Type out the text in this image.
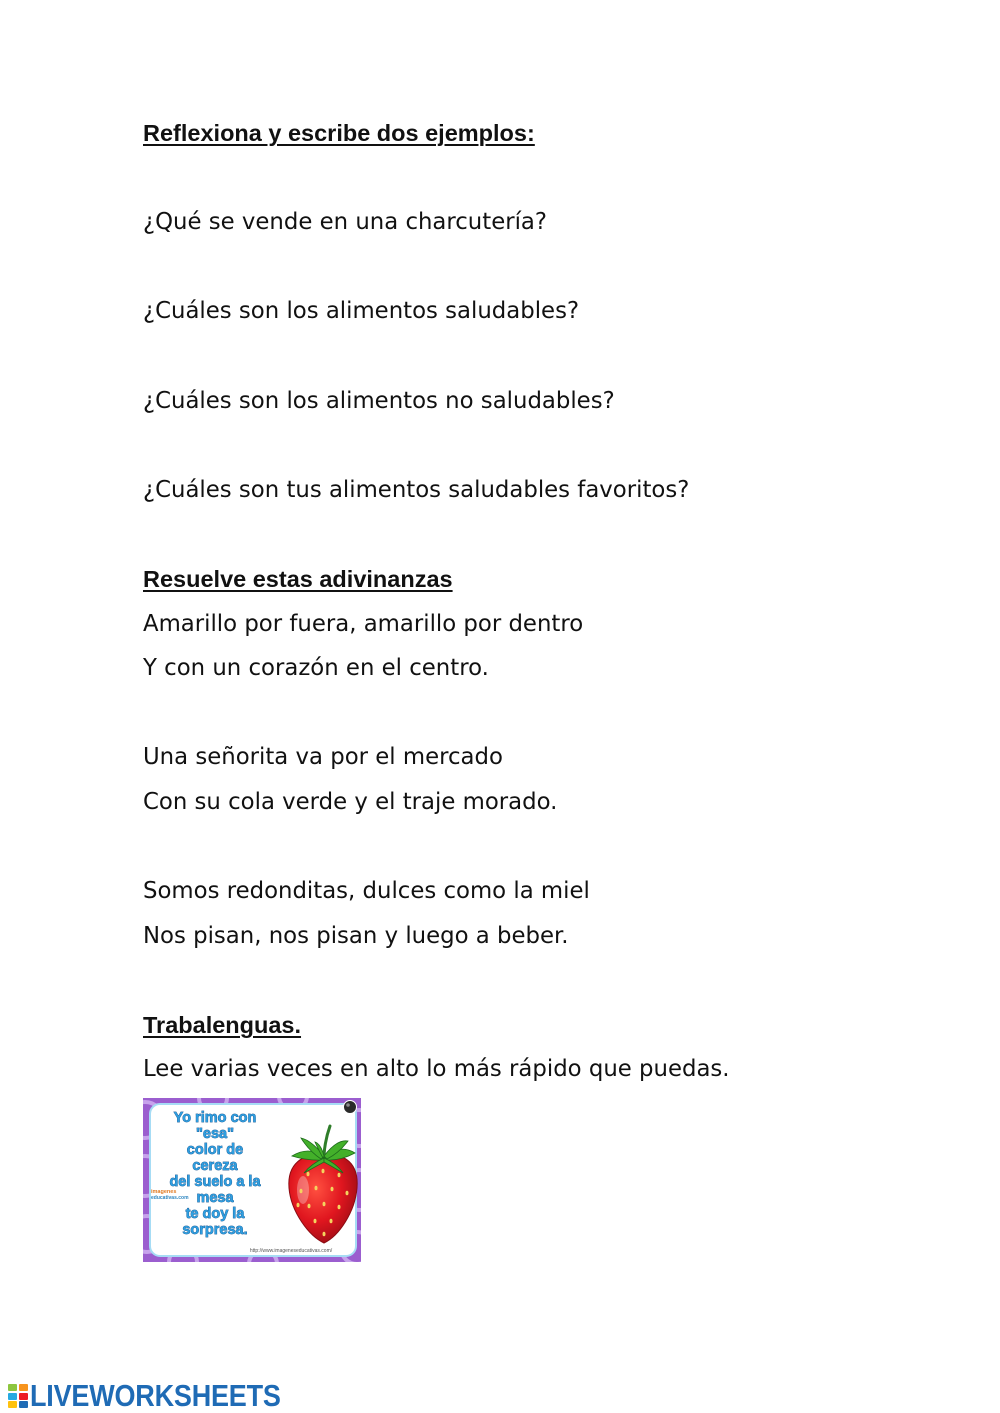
Reflexiona y escribe dos ejemplos:
¿Qué se vende en una charcutería?
¿Cuáles son los alimentos saludables?
¿Cuáles son los alimentos no saludables?
¿Cuáles son tus alimentos saludables favoritos?
Resuelve estas adivinanzas
Amarillo por fuera, amarillo por dentro
Y con un corazón en el centro.
Una señorita va por el mercado
Con su cola verde y el traje morado.
Somos redonditas, dulces como la miel
Nos pisan, nos pisan y luego a beber.
Trabalenguas.
Lee varias veces en alto lo más rápido que puedas.
Yo rimo con
"esa"
color de
cereza
del suelo a la
mesa
te doy la
sorpresa.
imagenes
educativas.com
http://www.imageneseducativas.com/
LIVEWORKSHEETS
